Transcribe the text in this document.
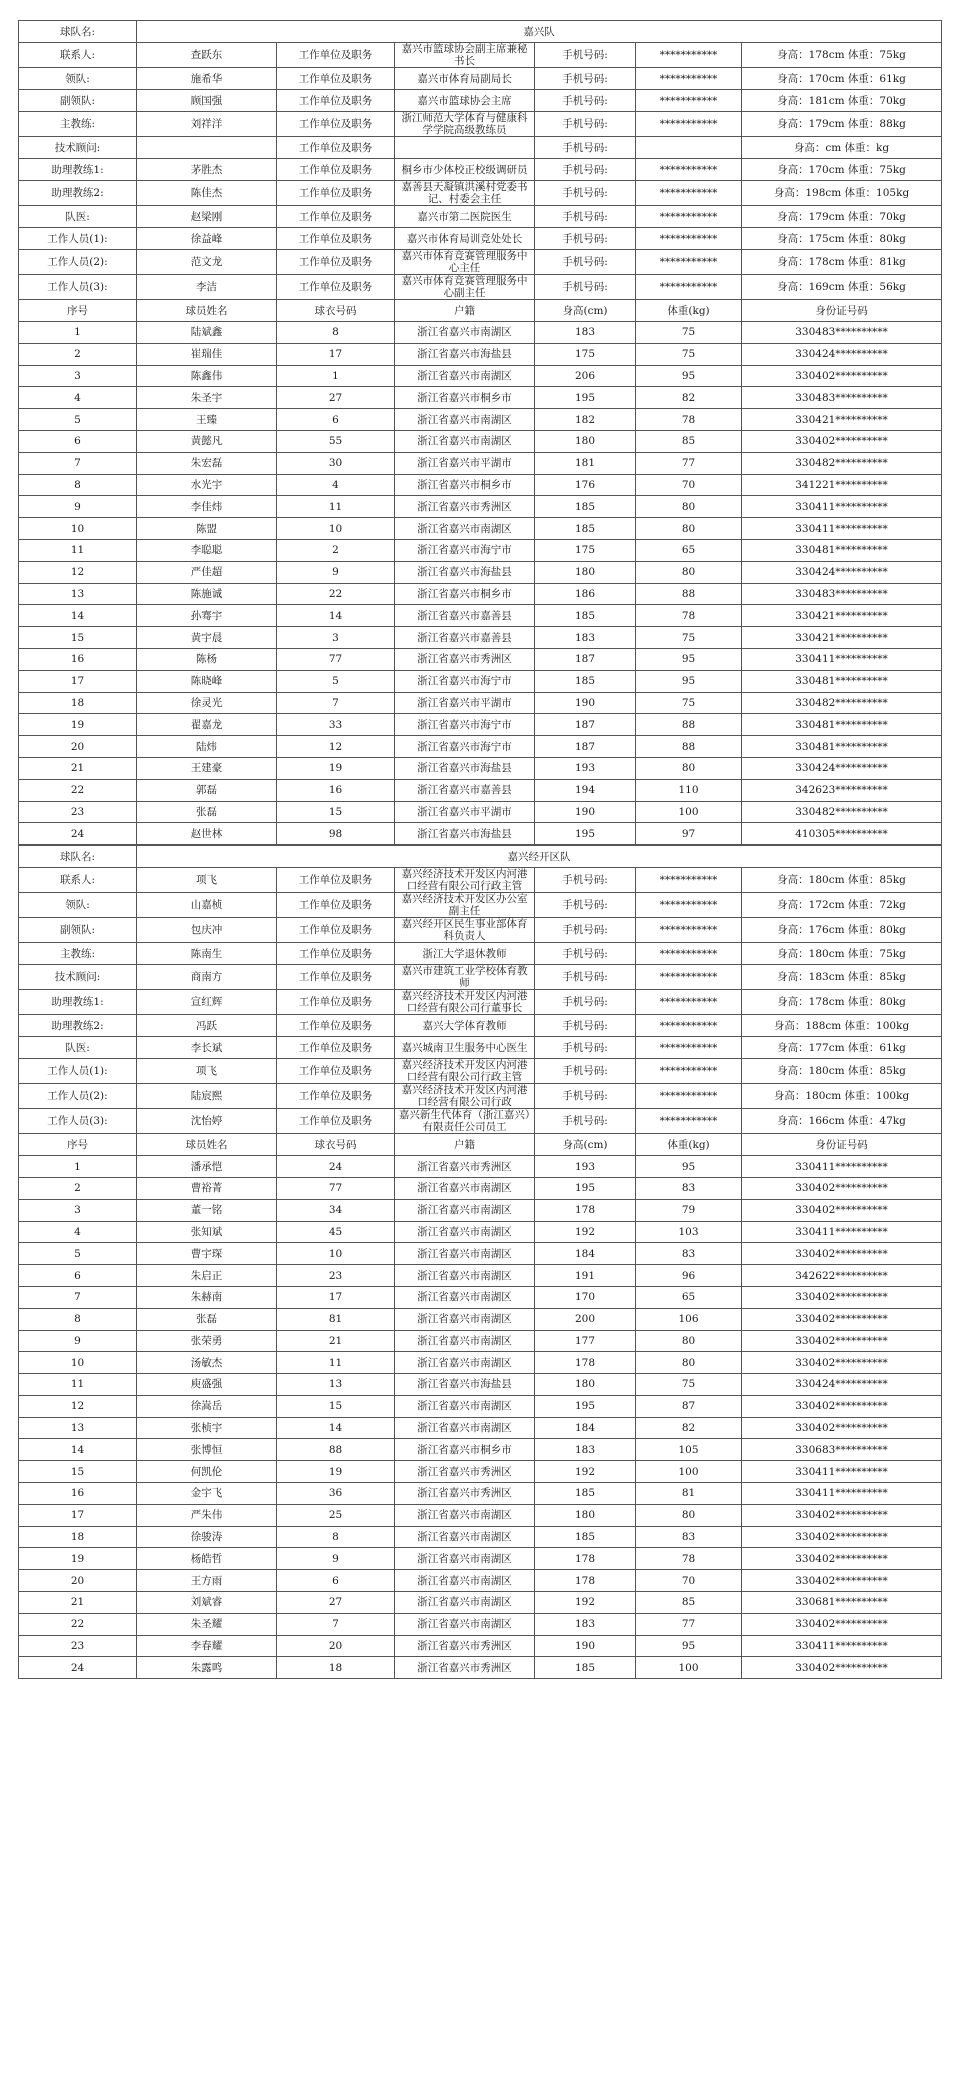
球队名:	嘉兴队					
联系人:	查跃东	工作单位及职务	嘉兴市篮球协会副主席兼秘书长	手机号码:	***********	身高：178cm 体重：75kg
领队:	施希华	工作单位及职务	嘉兴市体育局副局长	手机号码:	***********	身高：170cm 体重：61kg
副领队:	顾国强	工作单位及职务	嘉兴市篮球协会主席	手机号码:	***********	身高：181cm 体重：70kg
主教练:	刘祥洋	工作单位及职务	浙江师范大学体育与健康科学学院高级教练员	手机号码:	***********	身高：179cm 体重：88kg
技术顾问:		工作单位及职务		手机号码:		身高：cm 体重：kg
助理教练1:	茅胜杰	工作单位及职务	桐乡市少体校正校级调研员	手机号码:	***********	身高：170cm 体重：75kg
助理教练2:	陈佳杰	工作单位及职务	嘉善县天凝镇洪溪村党委书记、村委会主任	手机号码:	***********	身高：198cm 体重：105kg
队医:	赵梁刚	工作单位及职务	嘉兴市第二医院医生	手机号码:	***********	身高：179cm 体重：70kg
工作人员(1):	徐益峰	工作单位及职务	嘉兴市体育局训竞处处长	手机号码:	***********	身高：175cm 体重：80kg
工作人员(2):	范文龙	工作单位及职务	嘉兴市体育竞赛管理服务中心主任	手机号码:	***********	身高：178cm 体重：81kg
工作人员(3):	李洁	工作单位及职务	嘉兴市体育竞赛管理服务中心副主任	手机号码:	***********	身高：169cm 体重：56kg
序号	球员姓名	球衣号码	户籍	身高(cm)	体重(kg)	身份证号码
1	陆斌鑫	8	浙江省嘉兴市南湖区	183	75	330483**********
2	崔瑞佳	17	浙江省嘉兴市海盐县	175	75	330424**********
3	陈鑫伟	1	浙江省嘉兴市南湖区	206	95	330402**********
4	朱圣宇	27	浙江省嘉兴市桐乡市	195	82	330483**********
5	王臻	6	浙江省嘉兴市南湖区	182	78	330421**********
6	黄懿凡	55	浙江省嘉兴市南湖区	180	85	330402**********
7	朱宏磊	30	浙江省嘉兴市平湖市	181	77	330482**********
8	水光宇	4	浙江省嘉兴市桐乡市	176	70	341221**********
9	李佳炜	11	浙江省嘉兴市秀洲区	185	80	330411**********
10	陈盟	10	浙江省嘉兴市南湖区	185	80	330411**********
11	李聪聪	2	浙江省嘉兴市海宁市	175	65	330481**********
12	严佳超	9	浙江省嘉兴市海盐县	180	80	330424**********
13	陈施诚	22	浙江省嘉兴市桐乡市	186	88	330483**********
14	孙骞宇	14	浙江省嘉兴市嘉善县	185	78	330421**********
15	黄宇晨	3	浙江省嘉兴市嘉善县	183	75	330421**********
16	陈杨	77	浙江省嘉兴市秀洲区	187	95	330411**********
17	陈晓峰	5	浙江省嘉兴市海宁市	185	95	330481**********
18	徐灵光	7	浙江省嘉兴市平湖市	190	75	330482**********
19	翟嘉龙	33	浙江省嘉兴市海宁市	187	88	330481**********
20	陆炜	12	浙江省嘉兴市海宁市	187	88	330481**********
21	王建豪	19	浙江省嘉兴市海盐县	193	80	330424**********
22	郭磊	16	浙江省嘉兴市嘉善县	194	110	342623**********
23	张磊	15	浙江省嘉兴市平湖市	190	100	330482**********
24	赵世林	98	浙江省嘉兴市海盐县	195	97	410305**********
球队名:	嘉兴经开区队					
联系人:	项飞	工作单位及职务	嘉兴经济技术开发区内河港口经营有限公司行政主管	手机号码:	***********	身高：180cm 体重：85kg
领队:	山嘉桢	工作单位及职务	嘉兴经济技术开发区办公室副主任	手机号码:	***********	身高：172cm 体重：72kg
副领队:	包庆冲	工作单位及职务	嘉兴经开区民生事业部体育科负责人	手机号码:	***********	身高：176cm 体重：80kg
主教练:	陈南生	工作单位及职务	浙江大学退休教师	手机号码:	***********	身高：180cm 体重：75kg
技术顾问:	商南方	工作单位及职务	嘉兴市建筑工业学校体育教师	手机号码:	***********	身高：183cm 体重：85kg
助理教练1:	宣红辉	工作单位及职务	嘉兴经济技术开发区内河港口经营有限公司行董事长	手机号码:	***********	身高：178cm 体重：80kg
助理教练2:	冯跃	工作单位及职务	嘉兴大学体育教师	手机号码:	***********	身高：188cm 体重：100kg
队医:	李长斌	工作单位及职务	嘉兴城南卫生服务中心医生	手机号码:	***********	身高：177cm 体重：61kg
工作人员(1):	项飞	工作单位及职务	嘉兴经济技术开发区内河港口经营有限公司行政主管	手机号码:	***********	身高：180cm 体重：85kg
工作人员(2):	陆宸熙	工作单位及职务	嘉兴经济技术开发区内河港口经营有限公司行政	手机号码:	***********	身高：180cm 体重：100kg
工作人员(3):	沈怡婷	工作单位及职务	嘉兴新生代体育（浙江嘉兴）有限责任公司员工	手机号码:	***********	身高：166cm 体重：47kg
序号	球员姓名	球衣号码	户籍	身高(cm)	体重(kg)	身份证号码
1	潘承恺	24	浙江省嘉兴市秀洲区	193	95	330411**********
2	曹裕菁	77	浙江省嘉兴市南湖区	195	83	330402**********
3	董一铭	34	浙江省嘉兴市南湖区	178	79	330402**********
4	张知斌	45	浙江省嘉兴市南湖区	192	103	330411**********
5	曹宇琛	10	浙江省嘉兴市南湖区	184	83	330402**********
6	朱启正	23	浙江省嘉兴市南湖区	191	96	342622**********
7	朱赫南	17	浙江省嘉兴市南湖区	170	65	330402**********
8	张磊	81	浙江省嘉兴市南湖区	200	106	330402**********
9	张荣勇	21	浙江省嘉兴市南湖区	177	80	330402**********
10	汤敏杰	11	浙江省嘉兴市南湖区	178	80	330402**********
11	庾盛强	13	浙江省嘉兴市海盐县	180	75	330424**********
12	徐嵩岳	15	浙江省嘉兴市南湖区	195	87	330402**********
13	张桢宇	14	浙江省嘉兴市南湖区	184	82	330402**********
14	张博恒	88	浙江省嘉兴市桐乡市	183	105	330683**********
15	何凯伦	19	浙江省嘉兴市秀洲区	192	100	330411**********
16	金宇飞	36	浙江省嘉兴市秀洲区	185	81	330411**********
17	严朱伟	25	浙江省嘉兴市南湖区	180	80	330402**********
18	徐骏涛	8	浙江省嘉兴市南湖区	185	83	330402**********
19	杨皓哲	9	浙江省嘉兴市南湖区	178	78	330402**********
20	王方雨	6	浙江省嘉兴市南湖区	178	70	330402**********
21	刘斌睿	27	浙江省嘉兴市南湖区	192	85	330681**********
22	朱圣耀	7	浙江省嘉兴市南湖区	183	77	330402**********
23	李春耀	20	浙江省嘉兴市秀洲区	190	95	330411**********
24	朱露鸣	18	浙江省嘉兴市秀洲区	185	100	330402**********
